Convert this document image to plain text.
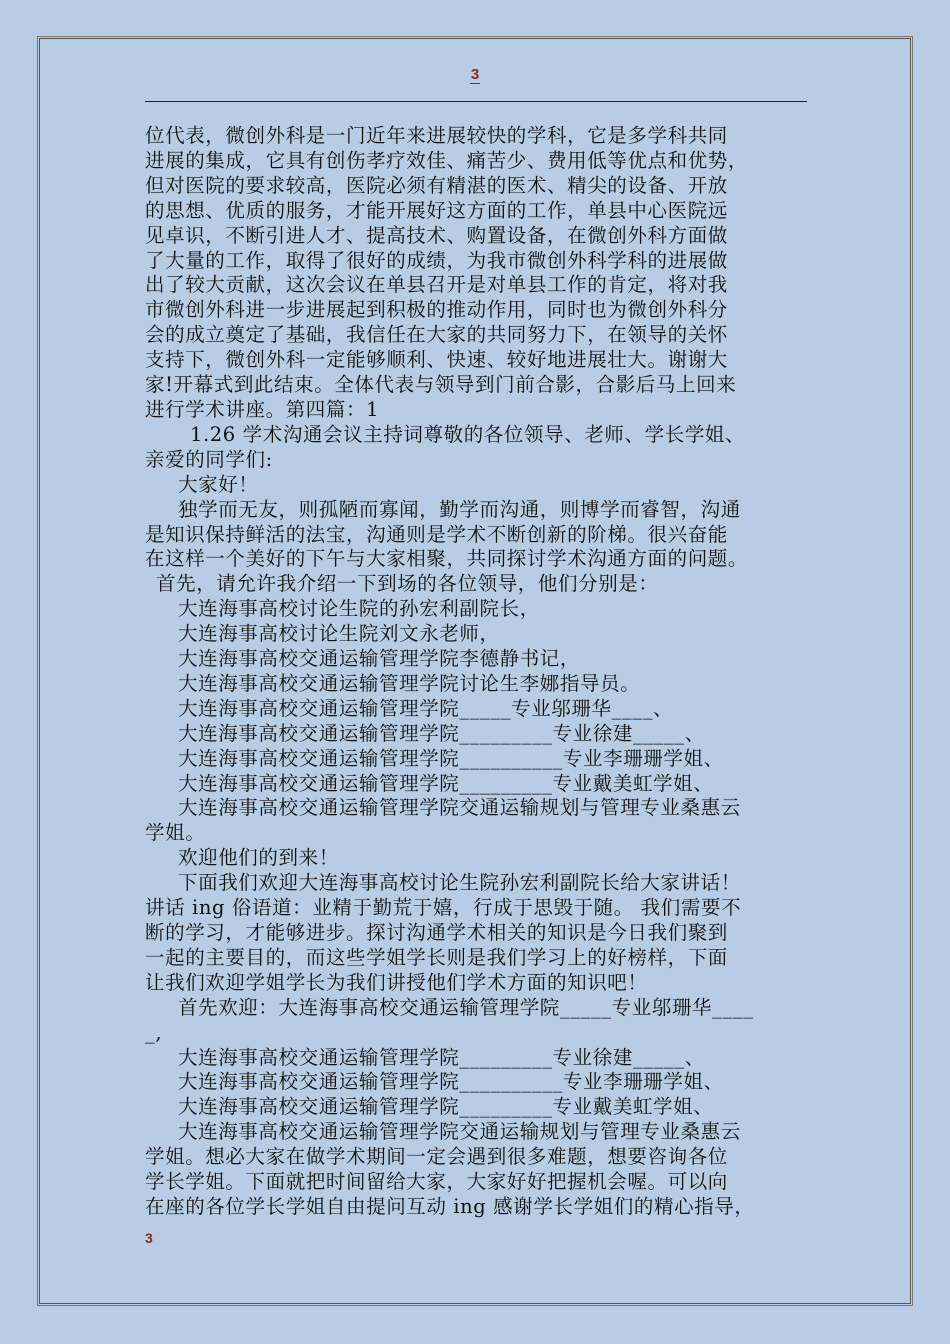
3

位代表，微创外科是一门近年来进展较快的学科，它是多学科共同

进展的集成，它具有创伤孝疗效佳、痛苦少、费用低等优点和优势，

但对医院的要求较高，医院必须有精湛的医术、精尖的设备、开放

的思想、优质的服务，才能开展好这方面的工作，单县中心医院远

见卓识，不断引进人才、提高技术、购置设备，在微创外科方面做

了大量的工作，取得了很好的成绩，为我市微创外科学科的进展做

出了较大贡献，这次会议在单县召开是对单县工作的肯定，将对我

市微创外科进一步进展起到积极的推动作用，同时也为微创外科分

会的成立奠定了基础，我信任在大家的共同努力下，在领导的关怀

支持下，微创外科一定能够顺利、快速、较好地进展壮大。谢谢大

家!开幕式到此结束。全体代表与领导到门前合影，合影后马上回来

进行学术讲座。第四篇：1

1.26 学术沟通会议主持词尊敬的各位领导、老师、学长学姐、

亲爱的同学们:

大家好！

独学而无友，则孤陋而寡闻，勤学而沟通，则博学而睿智，沟通

是知识保持鲜活的法宝，沟通则是学术不断创新的阶梯。很兴奋能

在这样一个美好的下午与大家相聚，共同探讨学术沟通方面的问题。

首先，请允许我介绍一下到场的各位领导，他们分别是：

大连海事高校讨论生院的孙宏利副院长，

大连海事高校讨论生院刘文永老师，

大连海事高校交通运输管理学院李德静书记，

大连海事高校交通运输管理学院讨论生李娜指导员。

大连海事高校交通运输管理学院_____专业邬珊华____、

大连海事高校交通运输管理学院_________专业徐建_____、

大连海事高校交通运输管理学院__________专业李珊珊学姐、

大连海事高校交通运输管理学院_________专业戴美虹学姐、

大连海事高校交通运输管理学院交通运输规划与管理专业桑惠云

学姐。

欢迎他们的到来！

下面我们欢迎大连海事高校讨论生院孙宏利副院长给大家讲话！

讲话 ing 俗语道：业精于勤荒于嬉，行成于思毁于随。 我们需要不

断的学习，才能够进步。探讨沟通学术相关的知识是今日我们聚到

一起的主要目的，而这些学姐学长则是我们学习上的好榜样，下面

让我们欢迎学姐学长为我们讲授他们学术方面的知识吧！

首先欢迎：大连海事高校交通运输管理学院_____专业邬珊华____

_,

大连海事高校交通运输管理学院_________专业徐建_____、

大连海事高校交通运输管理学院__________专业李珊珊学姐、

大连海事高校交通运输管理学院_________专业戴美虹学姐、

大连海事高校交通运输管理学院交通运输规划与管理专业桑惠云

学姐。想必大家在做学术期间一定会遇到很多难题，想要咨询各位

学长学姐。下面就把时间留给大家，大家好好把握机会喔。可以向

在座的各位学长学姐自由提问互动 ing 感谢学长学姐们的精心指导，

3
